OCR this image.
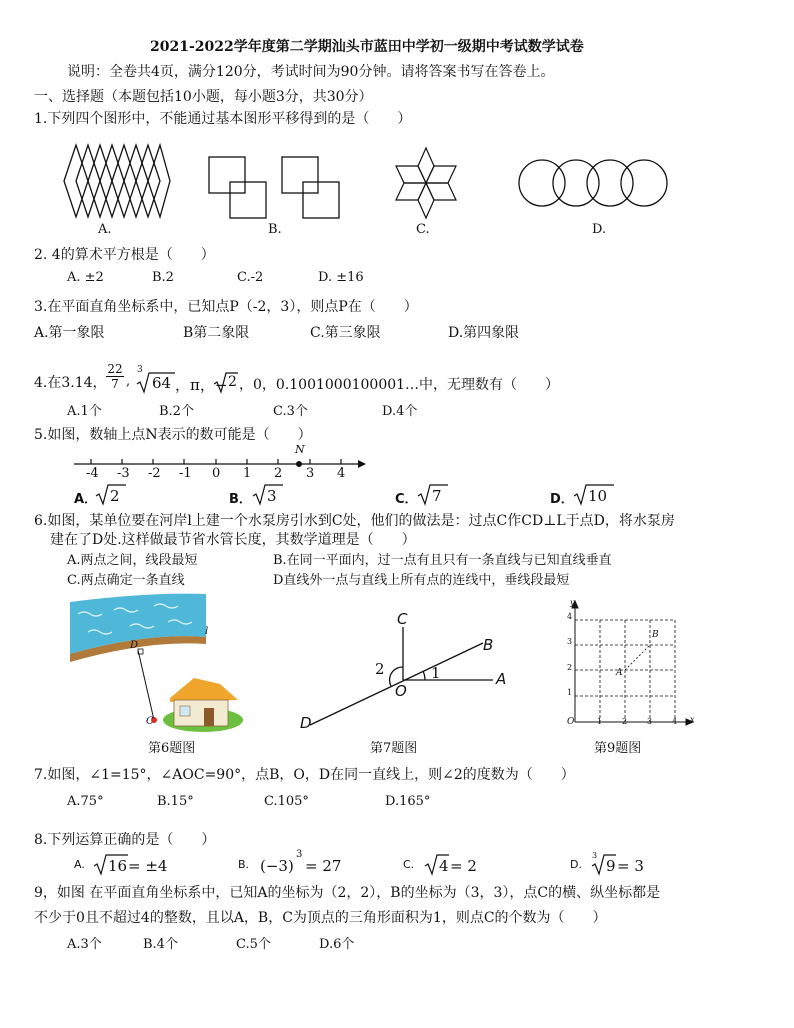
2021-2022学年度第二学期汕头市蓝田中学初一级期中考试数学试卷
说明：全卷共4页，满分120分，考试时间为90分钟。请将答案书写在答卷上。
一、选择题（本题包括10小题，每小题3分，共30分）
1.下列四个图形中，不能通过基本图形平移得到的是（　　）
A.	B.	C.	D.
2. 4的算术平方根是（　　）
A. ±2	B.2	C.-2	D. ±16
3.在平面直角坐标系中，已知点P（-2，3），则点P在（　　）
A.第一象限	B第二象限	C.第三象限	D.第四象限
4.在3.14， $\frac{22}{7}$ ,
3
64 ，π，− 2 ，0，0.1001000100001…中，无理数有（　　）
A.1个	B.2个	C.3个	D.4个
5.如图，数轴上点N表示的数可能是（　　）
N
-4 -3 -2 -1 0 1 2 3 4
A． 2	B． 3	C． 7	D． 10
6.如图，某单位要在河岸l上建一个水泵房引水到C处，他们的做法是：过点C作CD⊥L于点D，将水泵房
建在了D处.这样做最节省水管长度，其数学道理是（　　）
A.两点之间，线段最短	B.在同一平面内，过一点有且只有一条直线与已知直线垂直
C.两点确定一条直线	D直线外一点与直线上所有点的连线中，垂线段最短
l
D
C
C
B
A
D
O
1
2
y
x
O	1 2 3 4
1
2
3
4
A
B
第6题图	第7题图	第9题图
7.如图，∠1=15°，∠AOC=90°，点B，O，D在同一直线上，则∠2的度数为（　　）
A.75°	B.15°	C.105°	D.165°
8.下列运算正确的是（　　）
A. 16 = ±4	B. (−3)
3
= 27	C. 4 = 2	D.
3
9 = 3
9，如图 在平面直角坐标系中，已知A的坐标为（2，2），B的坐标为（3，3），点C的横、纵坐标都是
不少于0且不超过4的整数，且以A，B，C为顶点的三角形面积为1，则点C的个数为（　　）
A.3个	B.4个	C.5个	D.6个
